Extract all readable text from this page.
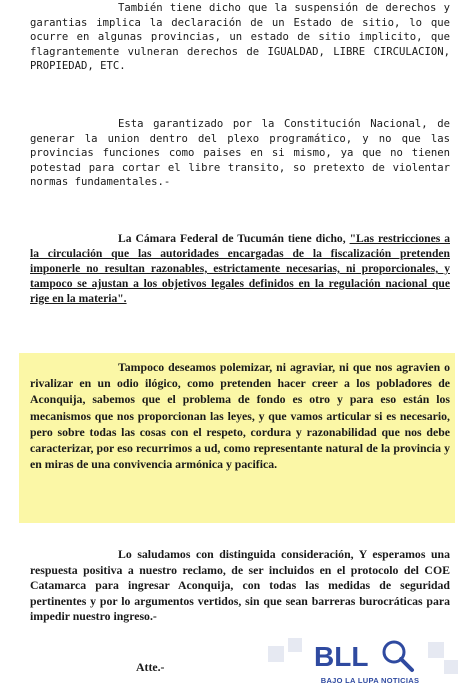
También tiene dicho que la suspensión de derechos y garantias implica la declaración de un Estado de sitio, lo que ocurre en algunas provincias, un estado de sitio implicito, que flagrantemente vulneran derechos de IGUALDAD, LIBRE CIRCULACION, PROPIEDAD, ETC.

Esta garantizado por la Constitución Nacional, de generar la union dentro del plexo programático, y no que las provincias funciones como paises en si mismo, ya que no tienen potestad para cortar el libre transito, so pretexto de violentar normas fundamentales.-

La Cámara Federal de Tucumán tiene dicho, "Las restricciones a la circulación que las autoridades encargadas de la fiscalización pretenden imponerle no resultan razonables, estrictamente necesarias, ni proporcionales, y tampoco se ajustan a los objetivos legales definidos en la regulación nacional que rige en la materia".

Tampoco deseamos polemizar, ni agraviar, ni que nos agravien o rivalizar en un odio ilógico, como pretenden hacer creer a los pobladores de Aconquija, sabemos que el problema de fondo es otro y para eso están los mecanismos que nos proporcionan las leyes, y que vamos articular si es necesario, pero sobre todas las cosas con el respeto, cordura y razonabilidad que nos debe caracterizar, por eso recurrimos a ud, como representante natural de la provincia y en miras de una convivencia armónica y pacifica.

Lo saludamos con distinguida consideración, Y esperamos una respuesta positiva a nuestro reclamo, de ser incluidos en el protocolo del COE Catamarca para ingresar Aconquija, con todas las medidas de seguridad pertinentes y por lo argumentos vertidos, sin que sean barreras burocráticas para impedir nuestro ingreso.-

Atte.-	BLL
BAJO LA LUPA NOTICIAS
